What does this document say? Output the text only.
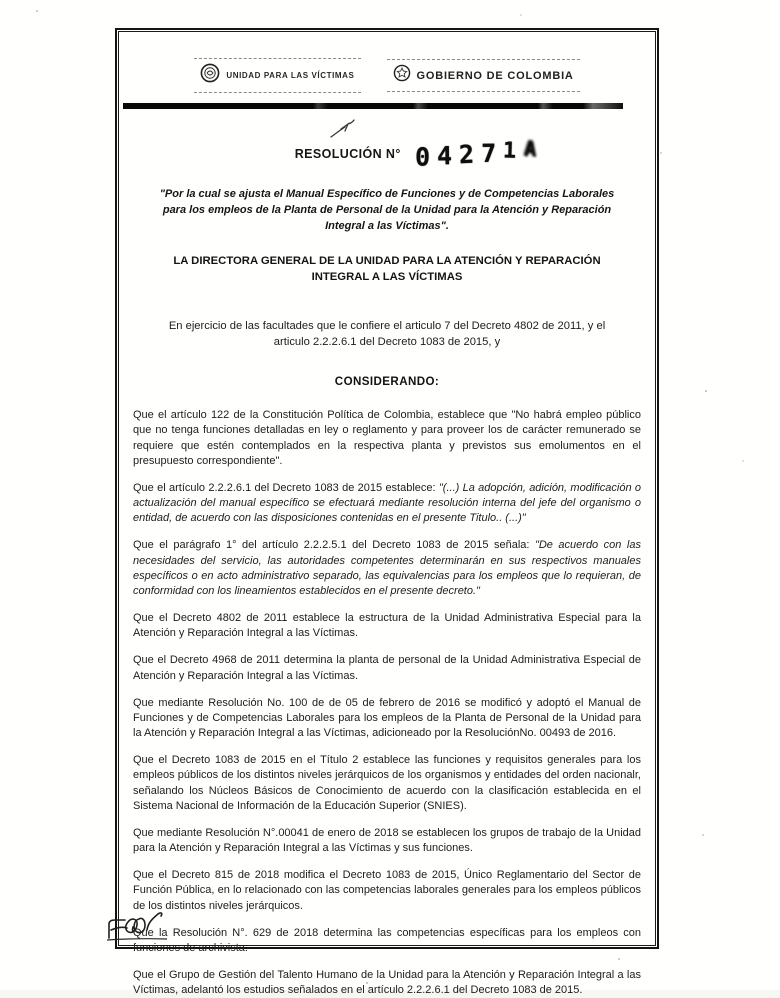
UNIDAD PARA LAS VÍCTIMAS	GOBIERNO DE COLOMBIA
RESOLUCIÓN N° 0 4 2 7 1 A
"Por la cual se ajusta el Manual Específico de Funciones y de Competencias Laborales para los empleos de la Planta de Personal de la Unidad para la Atención y Reparación Integral a las Víctimas".
LA DIRECTORA GENERAL DE LA UNIDAD PARA LA ATENCIÓN Y REPARACIÓN INTEGRAL A LAS VÍCTIMAS
En ejercicio de las facultades que le confiere el articulo 7 del Decreto 4802 de 2011, y el articulo 2.2.2.6.1 del Decreto 1083 de 2015, y
CONSIDERANDO:
Que el artículo 122 de la Constitución Política de Colombia, establece que "No habrá empleo público que no tenga funciones detalladas en ley o reglamento y para proveer los de carácter remunerado se requiere que estén contemplados en la respectiva planta y previstos sus emolumentos en el presupuesto correspondiente".
Que el artículo 2.2.2.6.1 del Decreto 1083 de 2015 establece: "(...) La adopción, adición, modificación o actualización del manual específico se efectuará mediante resolución interna del jefe del organismo o entidad, de acuerdo con las disposiciones contenidas en el presente Titulo.. (...)"
Que el parágrafo 1° del artículo 2.2.2.5.1 del Decreto 1083 de 2015 señala: "De acuerdo con las necesidades del servicio, las autoridades competentes determinarán en sus respectivos manuales específicos o en acto administrativo separado, las equivalencias para los empleos que lo requieran, de conformidad con los lineamientos establecidos en el presente decreto."
Que el Decreto 4802 de 2011 establece la estructura de la Unidad Administrativa Especial para la Atención y Reparación Integral a las Víctimas.
Que el Decreto 4968 de 2011 determina la planta de personal de la Unidad Administrativa Especial de Atención y Reparación Integral a las Víctimas.
Que mediante Resolución No. 100 de de 05 de febrero de 2016 se modificó y adoptó el Manual de Funciones y de Competencias Laborales para los empleos de la Planta de Personal de la Unidad para la Atención y Reparación Integral a las Víctimas, adicioneado por la ResoluciónNo. 00493 de 2016.
Que el Decreto 1083 de 2015 en el Título 2 establece las funciones y requisitos generales para los empleos públicos de los distintos niveles jerárquicos de los organismos y entidades del orden nacionalr, señalando los Núcleos Básicos de Conocimiento de acuerdo con la clasificación establecida en el Sistema Nacional de Información de la Educación Superior (SNIES).
Que mediante Resolución N°.00041 de enero de 2018 se establecen los grupos de trabajo de la Unidad para la Atención y Reparación Integral a las Víctimas y sus funciones.
Que el Decreto 815 de 2018 modifica el Decreto 1083 de 2015, Único Reglamentario del Sector de Función Pública, en lo relacionado con las competencias laborales generales para los empleos públicos de los distintos niveles jerárquicos.
Que la Resolución N°. 629 de 2018 determina las competencias específicas para los empleos con funciones de archivista.
Que el Grupo de Gestión del Talento Humano de la Unidad para la Atención y Reparación Integral a las Víctimas, adelantó los estudios señalados en el artículo 2.2.2.6.1 del Decreto 1083 de 2015.
